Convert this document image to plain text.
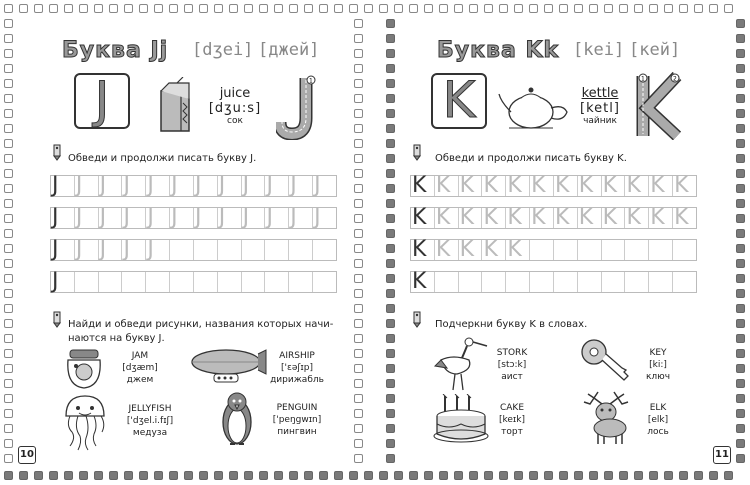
Буква Jj [dʒei] [джей]
J	juice
[dʒu:s]
сок
1
Обведи и продолжи писать букву J.
J J J J J J J J J J J J
J J J J J J J J J J J J
J J J J J
J
Найди и обведи рисунки, названия которых начи-
наются на букву J.
JAM
[dʒæm]
джем
AIRSHIP
['ɛəʃɪp]
дирижабль
JELLYFISH
['dʒel.i.fɪʃ]
медуза
PENGUIN
['peŋgwɪn]
пингвин
10
Буква Kk [kei] [кей]
K	kettle
[ketl]
чайник
1	2
Обведи и продолжи писать букву K.
K K K K K K K K K K K K
K K K K K K K K K K K K
K K K K K
K
Подчеркни букву K в словах.
STORK
[stɔ:k]
аист
KEY
[ki:]
ключ
CAKE
[keɪk]
торт
ELK
[elk]
лось
11
